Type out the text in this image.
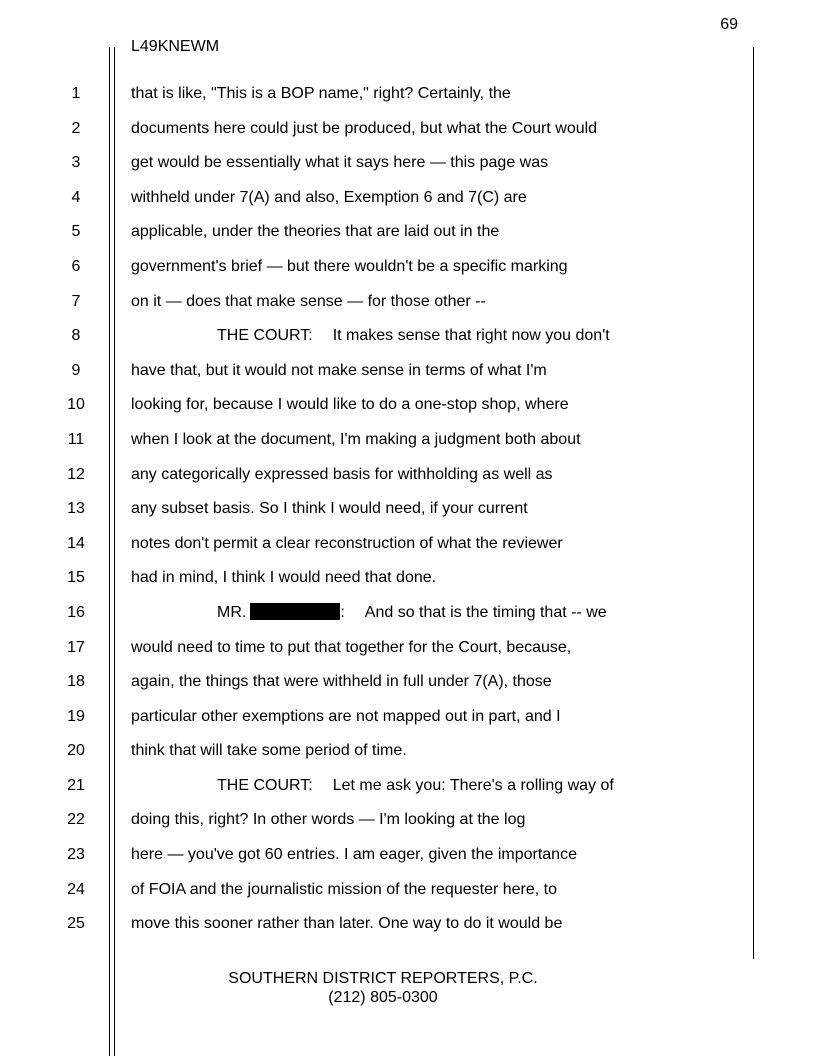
69
L49KNEWM
1	that is like, "This is a BOP name," right? Certainly, the
2	documents here could just be produced, but what the Court would
3	get would be essentially what it says here — this page was
4	withheld under 7(A) and also, Exemption 6 and 7(C) are
5	applicable, under the theories that are laid out in the
6	government's brief — but there wouldn't be a specific marking
7	on it — does that make sense — for those other --
8	THE COURT: It makes sense that right now you don't
9	have that, but it would not make sense in terms of what I'm
10	looking for, because I would like to do a one-stop shop, where
11	when I look at the document, I'm making a judgment both about
12	any categorically expressed basis for withholding as well as
13	any subset basis. So I think I would need, if your current
14	notes don't permit a clear reconstruction of what the reviewer
15	had in mind, I think I would need that done.
16	MR.	: And so that is the timing that -- we
17	would need to time to put that together for the Court, because,
18	again, the things that were withheld in full under 7(A), those
19	particular other exemptions are not mapped out in part, and I
20	think that will take some period of time.
21	THE COURT: Let me ask you: There's a rolling way of
22	doing this, right? In other words — I'm looking at the log
23	here — you've got 60 entries. I am eager, given the importance
24	of FOIA and the journalistic mission of the requester here, to
25	move this sooner rather than later. One way to do it would be
SOUTHERN DISTRICT REPORTERS, P.C.
(212) 805-0300
